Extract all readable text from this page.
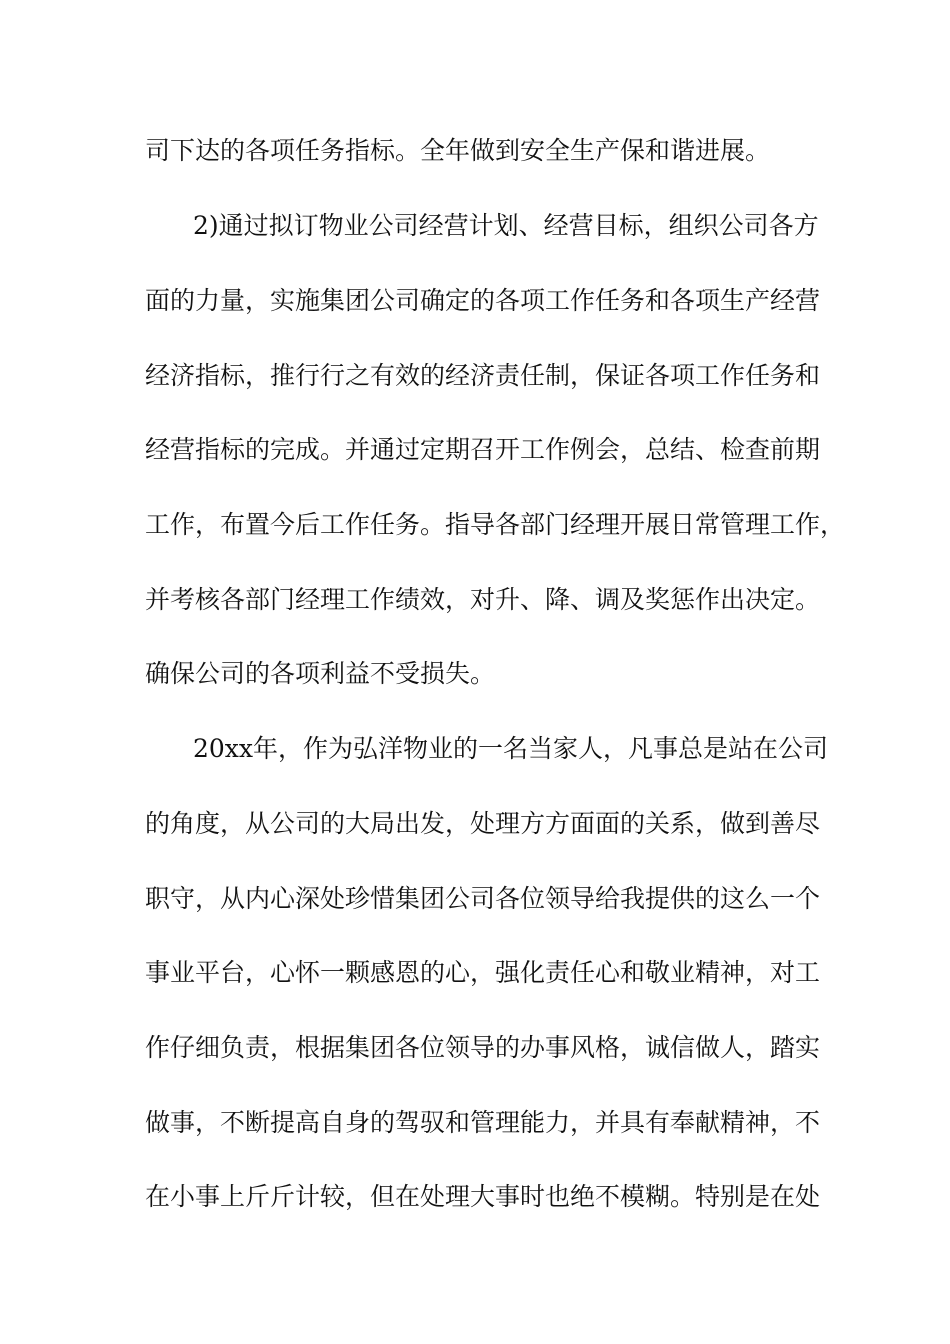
司下达的各项任务指标。全年做到安全生产保和谐进展。
2)通过拟订物业公司经营计划、经营目标，组织公司各方
面的力量，实施集团公司确定的各项工作任务和各项生产经营
经济指标，推行行之有效的经济责任制，保证各项工作任务和
经营指标的完成。并通过定期召开工作例会，总结、检查前期
工作，布置今后工作任务。指导各部门经理开展日常管理工作，
并考核各部门经理工作绩效，对升、降、调及奖惩作出决定。
确保公司的各项利益不受损失。
20xx年，作为弘洋物业的一名当家人，凡事总是站在公司
的角度，从公司的大局出发，处理方方面面的关系，做到善尽
职守，从内心深处珍惜集团公司各位领导给我提供的这么一个
事业平台，心怀一颗感恩的心，强化责任心和敬业精神，对工
作仔细负责，根据集团各位领导的办事风格，诚信做人，踏实
做事，不断提高自身的驾驭和管理能力，并具有奉献精神，不
在小事上斤斤计较，但在处理大事时也绝不模糊。特别是在处
